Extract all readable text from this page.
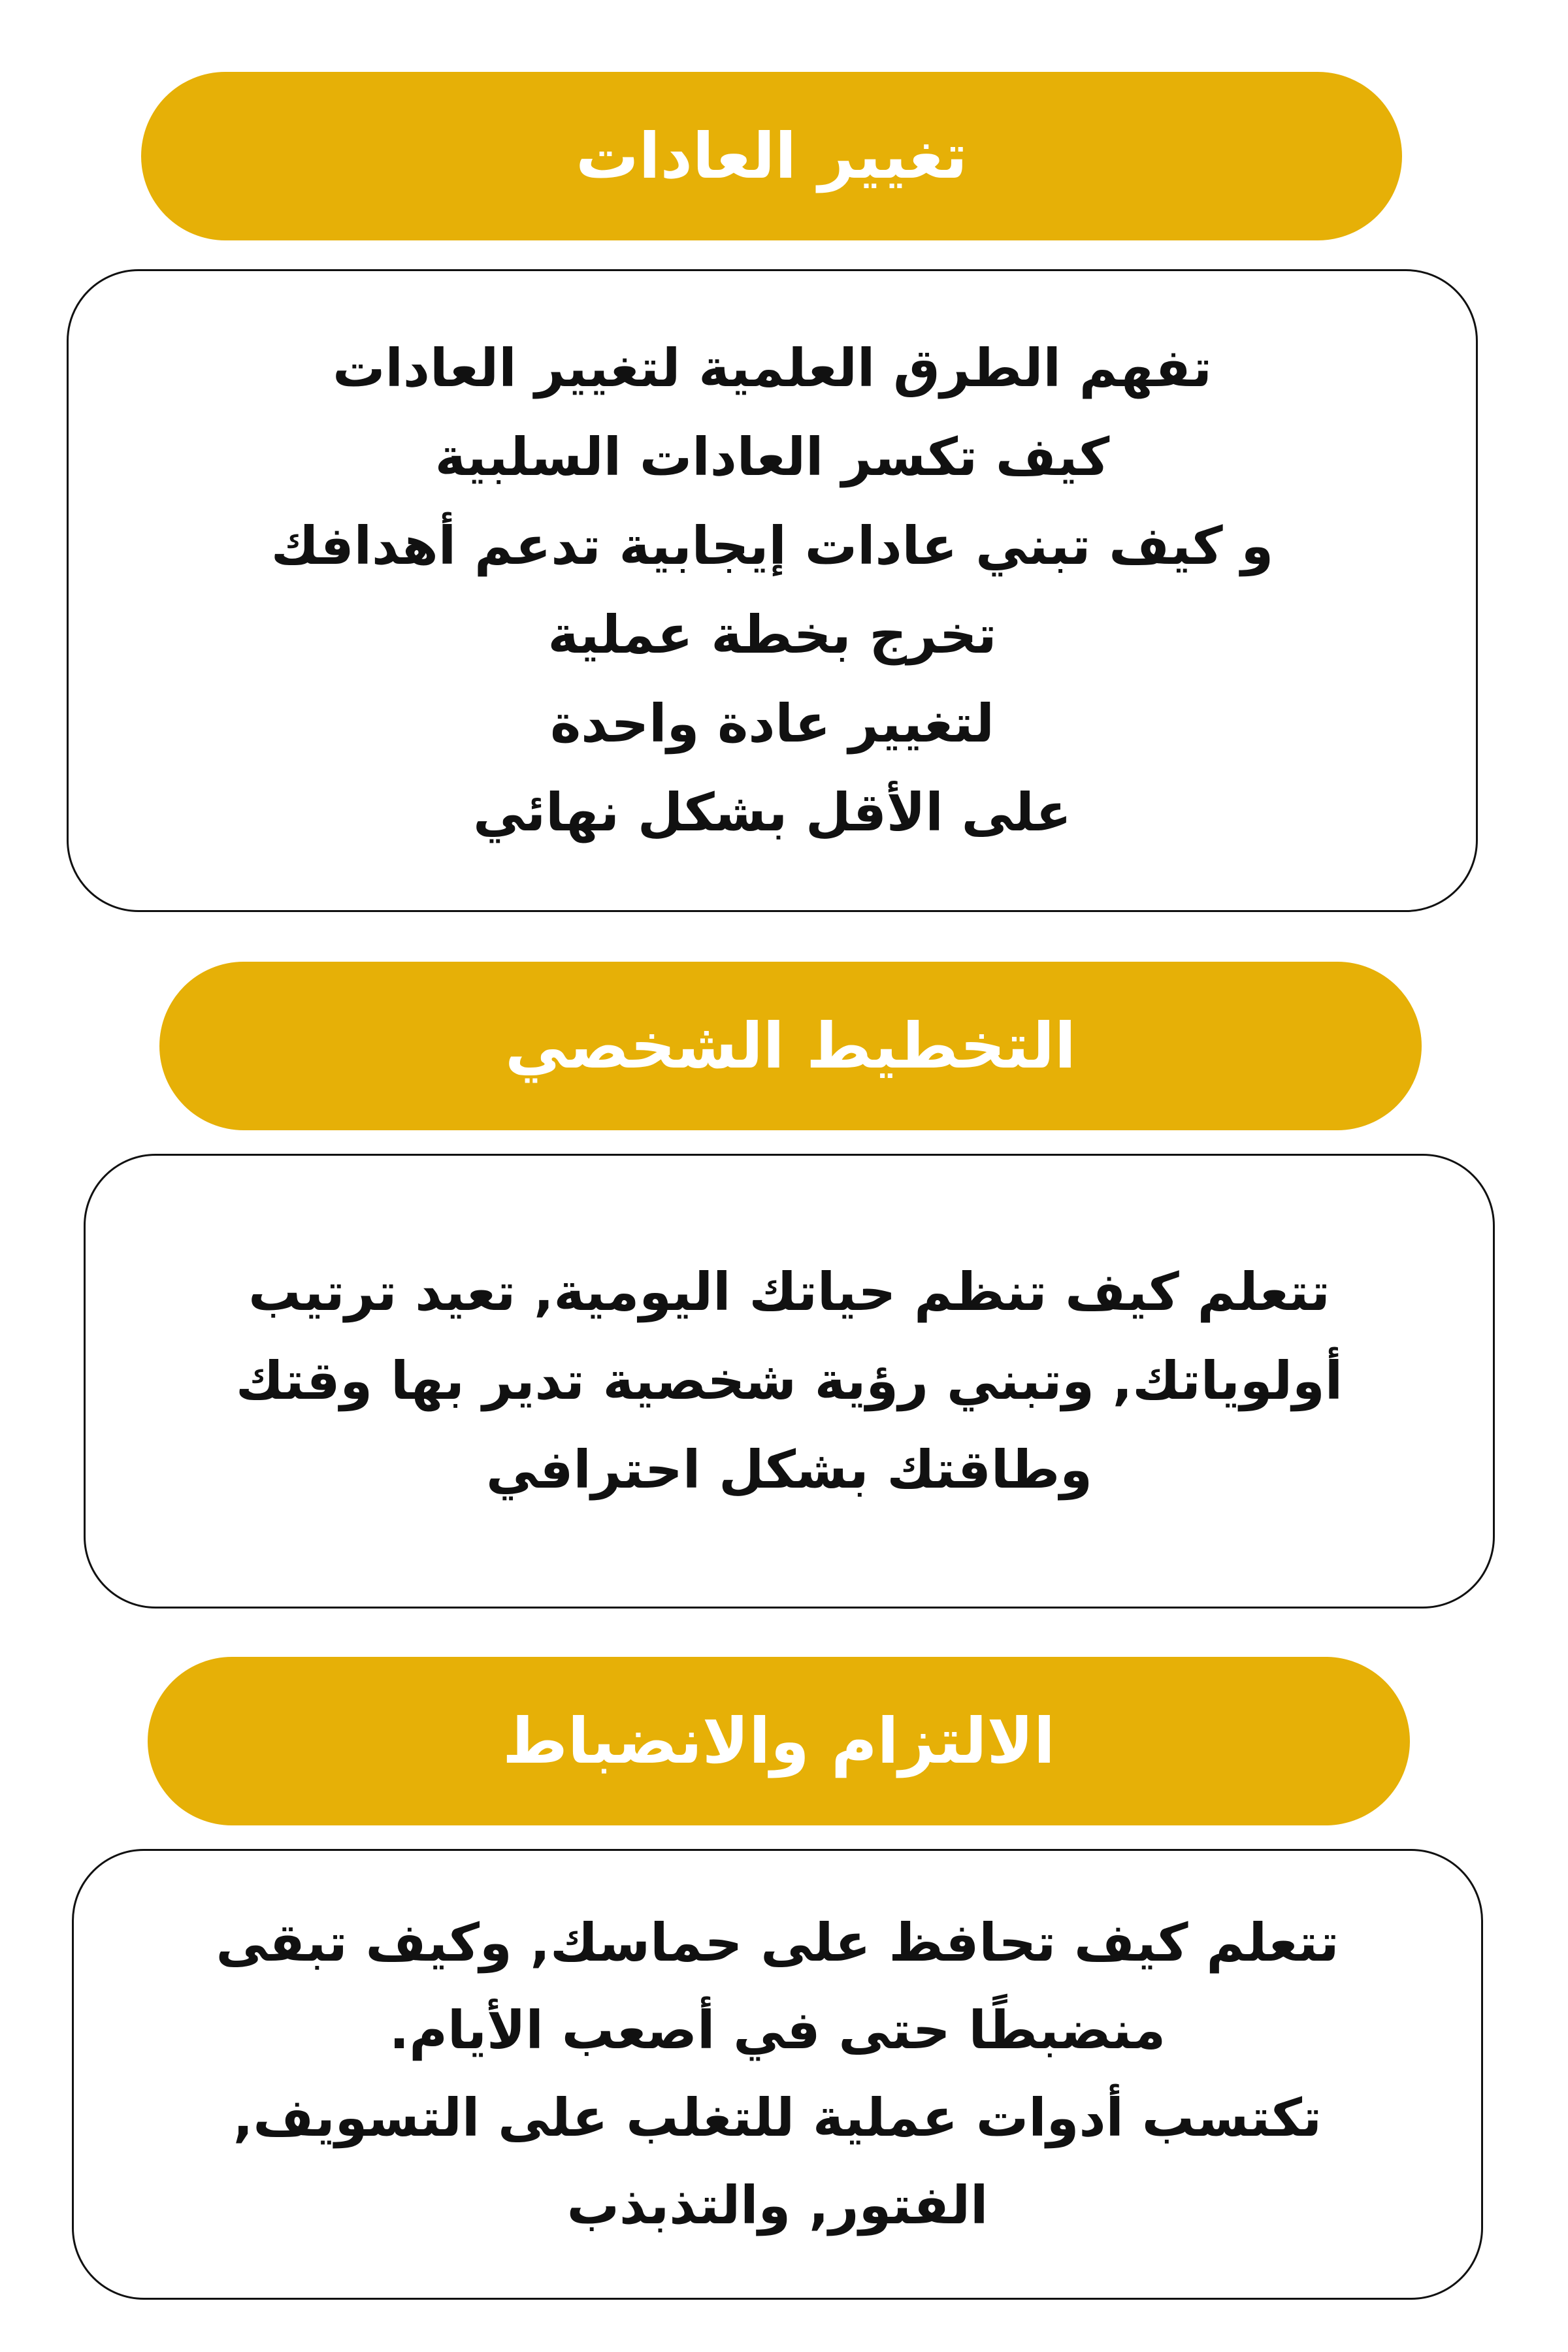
تغيير العادات
تفهم الطرق العلمية لتغيير العادات
كيف تكسر العادات السلبية
و كيف تبني عادات إيجابية تدعم أهدافك
تخرج بخطة عملية
لتغيير عادة واحدة
على الأقل بشكل نهائي
التخطيط الشخصي
تتعلم كيف تنظم حياتك اليومية, تعيد ترتيب
أولوياتك, وتبني رؤية شخصية تدير بها وقتك
وطاقتك بشكل احترافي
الالتزام والانضباط
تتعلم كيف تحافظ على حماسك, وكيف تبقى
منضبطًا حتى في أصعب الأيام.
تكتسب أدوات عملية للتغلب على التسويف,
الفتور, والتذبذب
